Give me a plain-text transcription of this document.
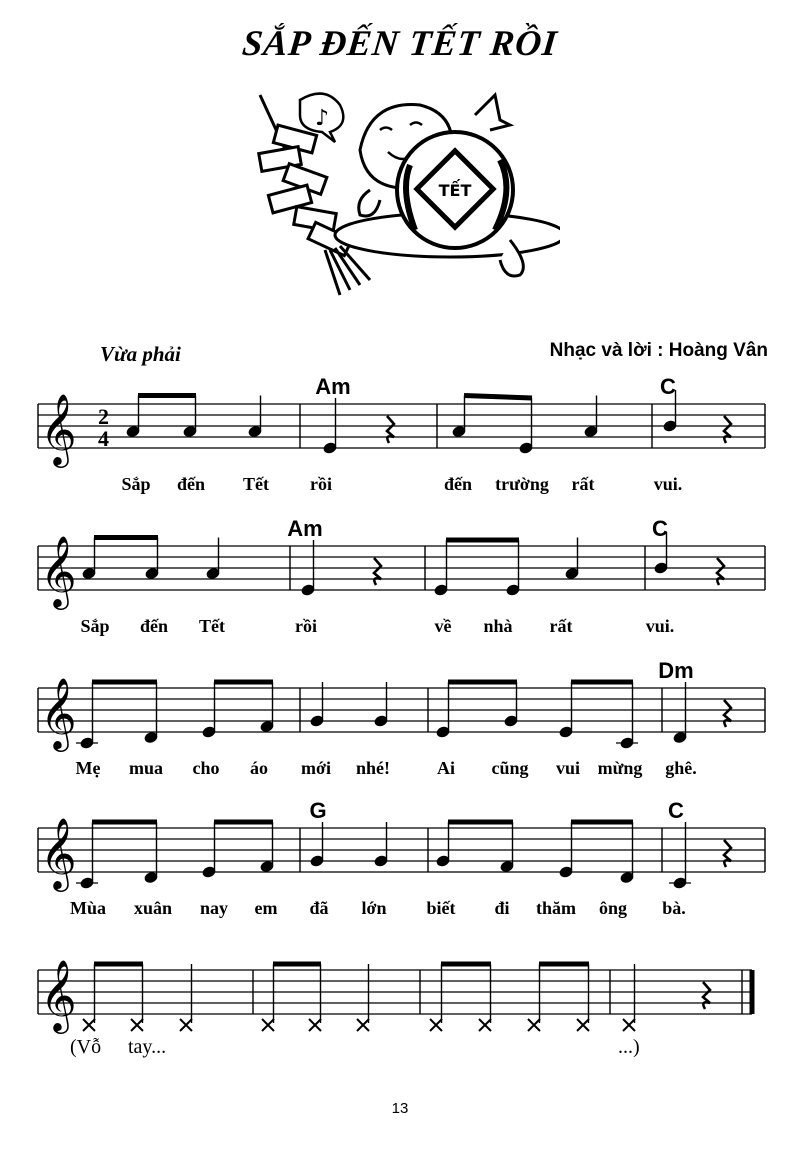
SẮP ĐẾN TẾT RỒI
♪
TẾT
Vừa phải	Nhạc và lời : Hoàng Vân
𝄞 2
4
Am	C
𝄞
Am	C
𝄞
Dm
𝄞
G	C
𝄞
Sắp đến Tết rồi	đến trường rất	vui.
Sắp đến Tết	rồi	về nhà rất	vui.
Mẹ mua cho áo mới nhé!	Ai cũng vui mừng ghê.
Mùa xuân nay em đã lớn biết đi thăm ông bà.
(Vỗ tay...	...)
13
